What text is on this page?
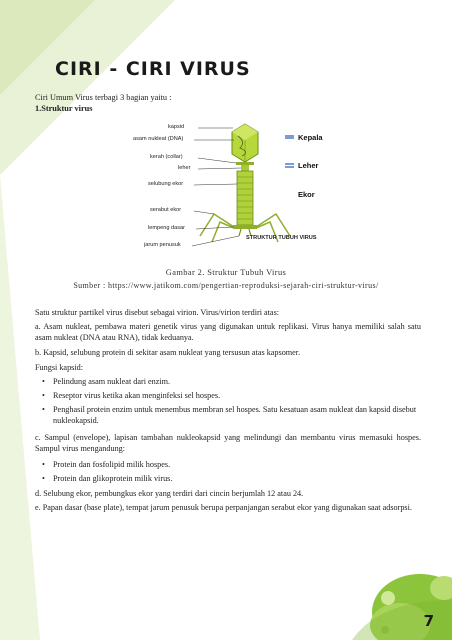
CIRI - CIRI VIRUS
Ciri Umum Virus terbagi 3 bagian yaitu :
1.Struktur virus
kapsid
asam nukleat (DNA)
kerah (collar)
leher
selubung ekor
serabut ekor
lempeng dasar
jarum penusuk
Kepala
Leher
Ekor
STRUKTUR TUBUH VIRUS
Gambar 2. Struktur Tubuh Virus
Sumber : https://www.jatikom.com/pengertian-reproduksi-sejarah-ciri-struktur-virus/
Satu struktur partikel virus disebut sebagai virion. Virus/virion terdiri atas:
a. Asam nukleat, pembawa materi genetik virus yang digunakan untuk replikasi. Virus hanya memiliki salah satu asam nukleat (DNA atau RNA), tidak keduanya.
b. Kapsid, selubung protein di sekitar asam nukleat yang tersusun atas kapsomer.
Fungsi kapsid:
• Pelindung asam nukleat dari enzim.
• Reseptor virus ketika akan menginfeksi sel hospes.
• Penghasil protein enzim untuk menembus membran sel hospes. Satu kesatuan asam nukleat dan kapsid disebut nukleokapsid.
c. Sampul (envelope), lapisan tambahan nukleokapsid yang melindungi dan membantu virus memasuki hospes. Sampul virus mengandung:
• Protein dan fosfolipid milik hospes.
• Protein dan glikoprotein milik virus.
d. Selubung ekor, pembungkus ekor yang terdiri dari cincin berjumlah 12 atau 24.
e. Papan dasar (base plate), tempat jarum penusuk berupa perpanjangan serabut ekor yang digunakan saat adsorpsi.
7
